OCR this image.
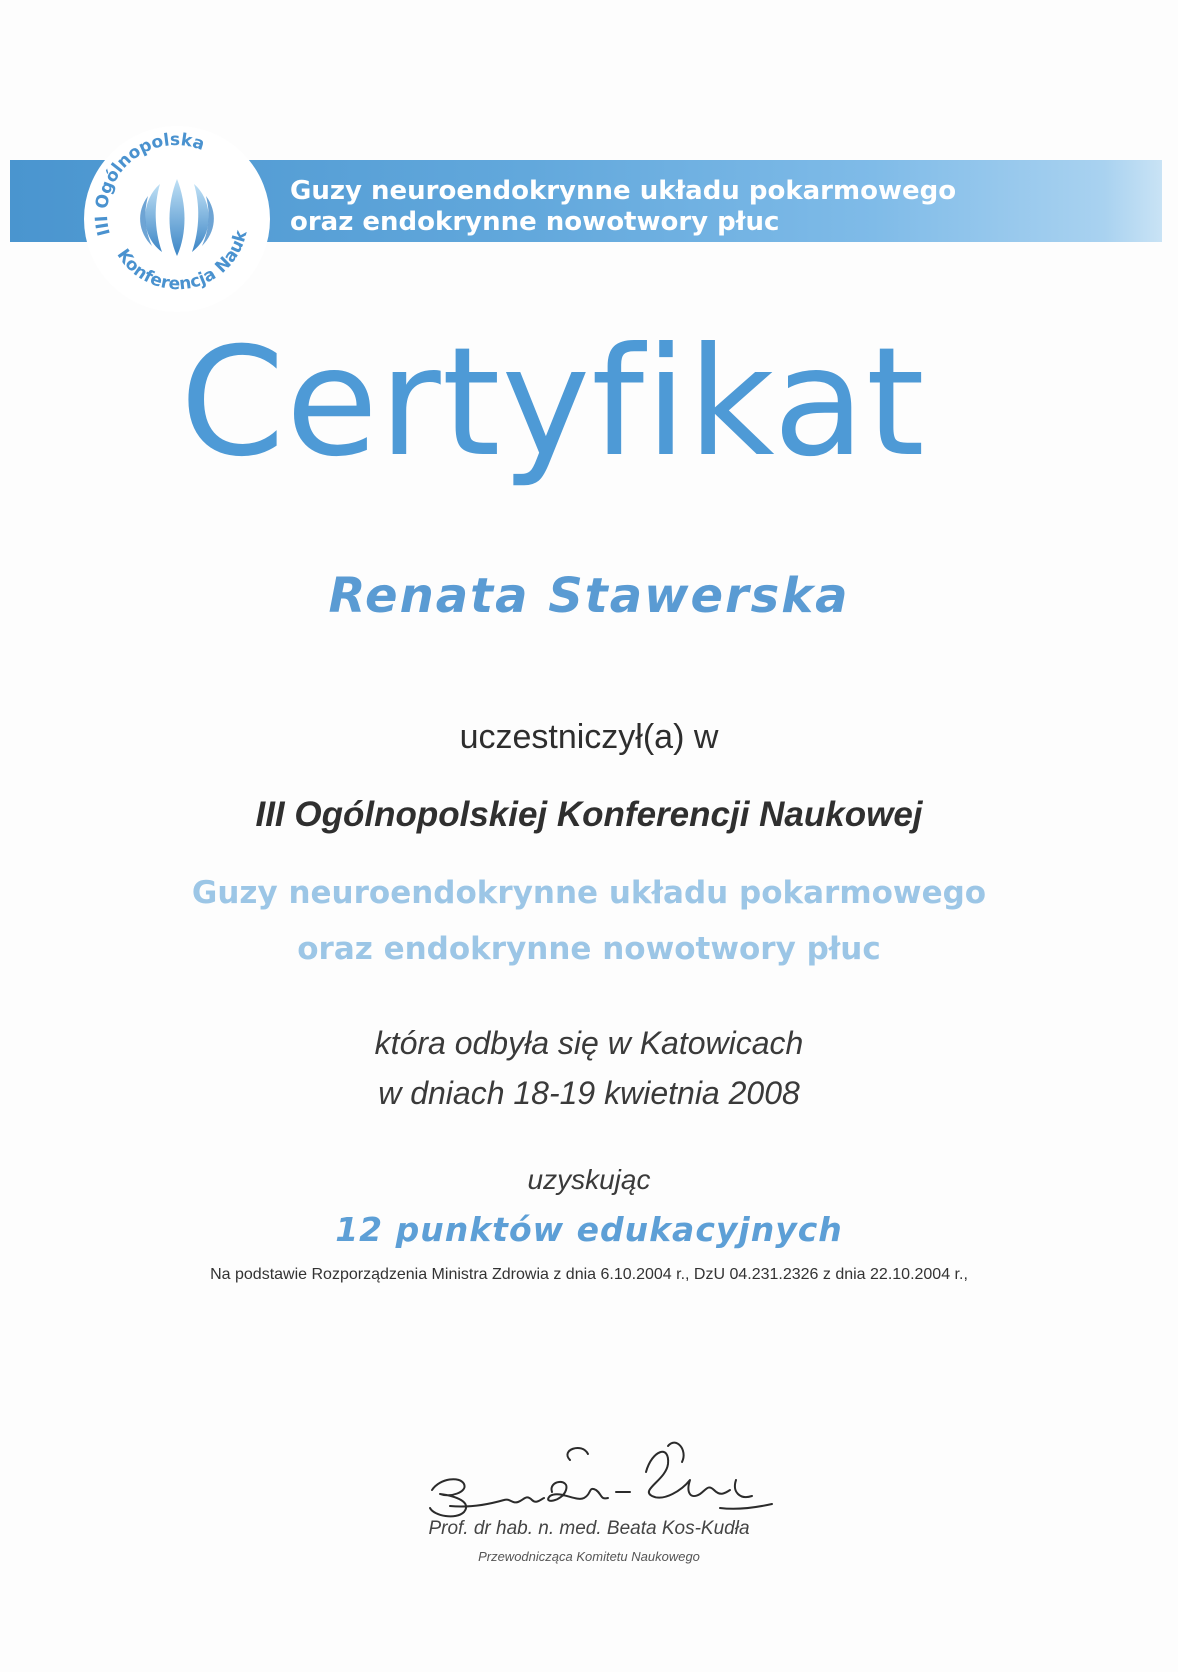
Guzy neuroendokrynne układu pokarmowego
oraz endokrynne nowotwory płuc
III Ogólnopolska
Konferencja Nauk
Certyfikat
Renata Stawerska
uczestniczył(a) w
III Ogólnopolskiej Konferencji Naukowej
Guzy neuroendokrynne układu pokarmowego
oraz endokrynne nowotwory płuc
która odbyła się w Katowicach
w dniach 18-19 kwietnia 2008
uzyskując
12 punktów edukacyjnych
Na podstawie Rozporządzenia Ministra Zdrowia z dnia 6.10.2004 r., DzU 04.231.2326 z dnia 22.10.2004 r.,
Prof. dr hab. n. med. Beata Kos-Kudła
Przewodnicząca Komitetu Naukowego
